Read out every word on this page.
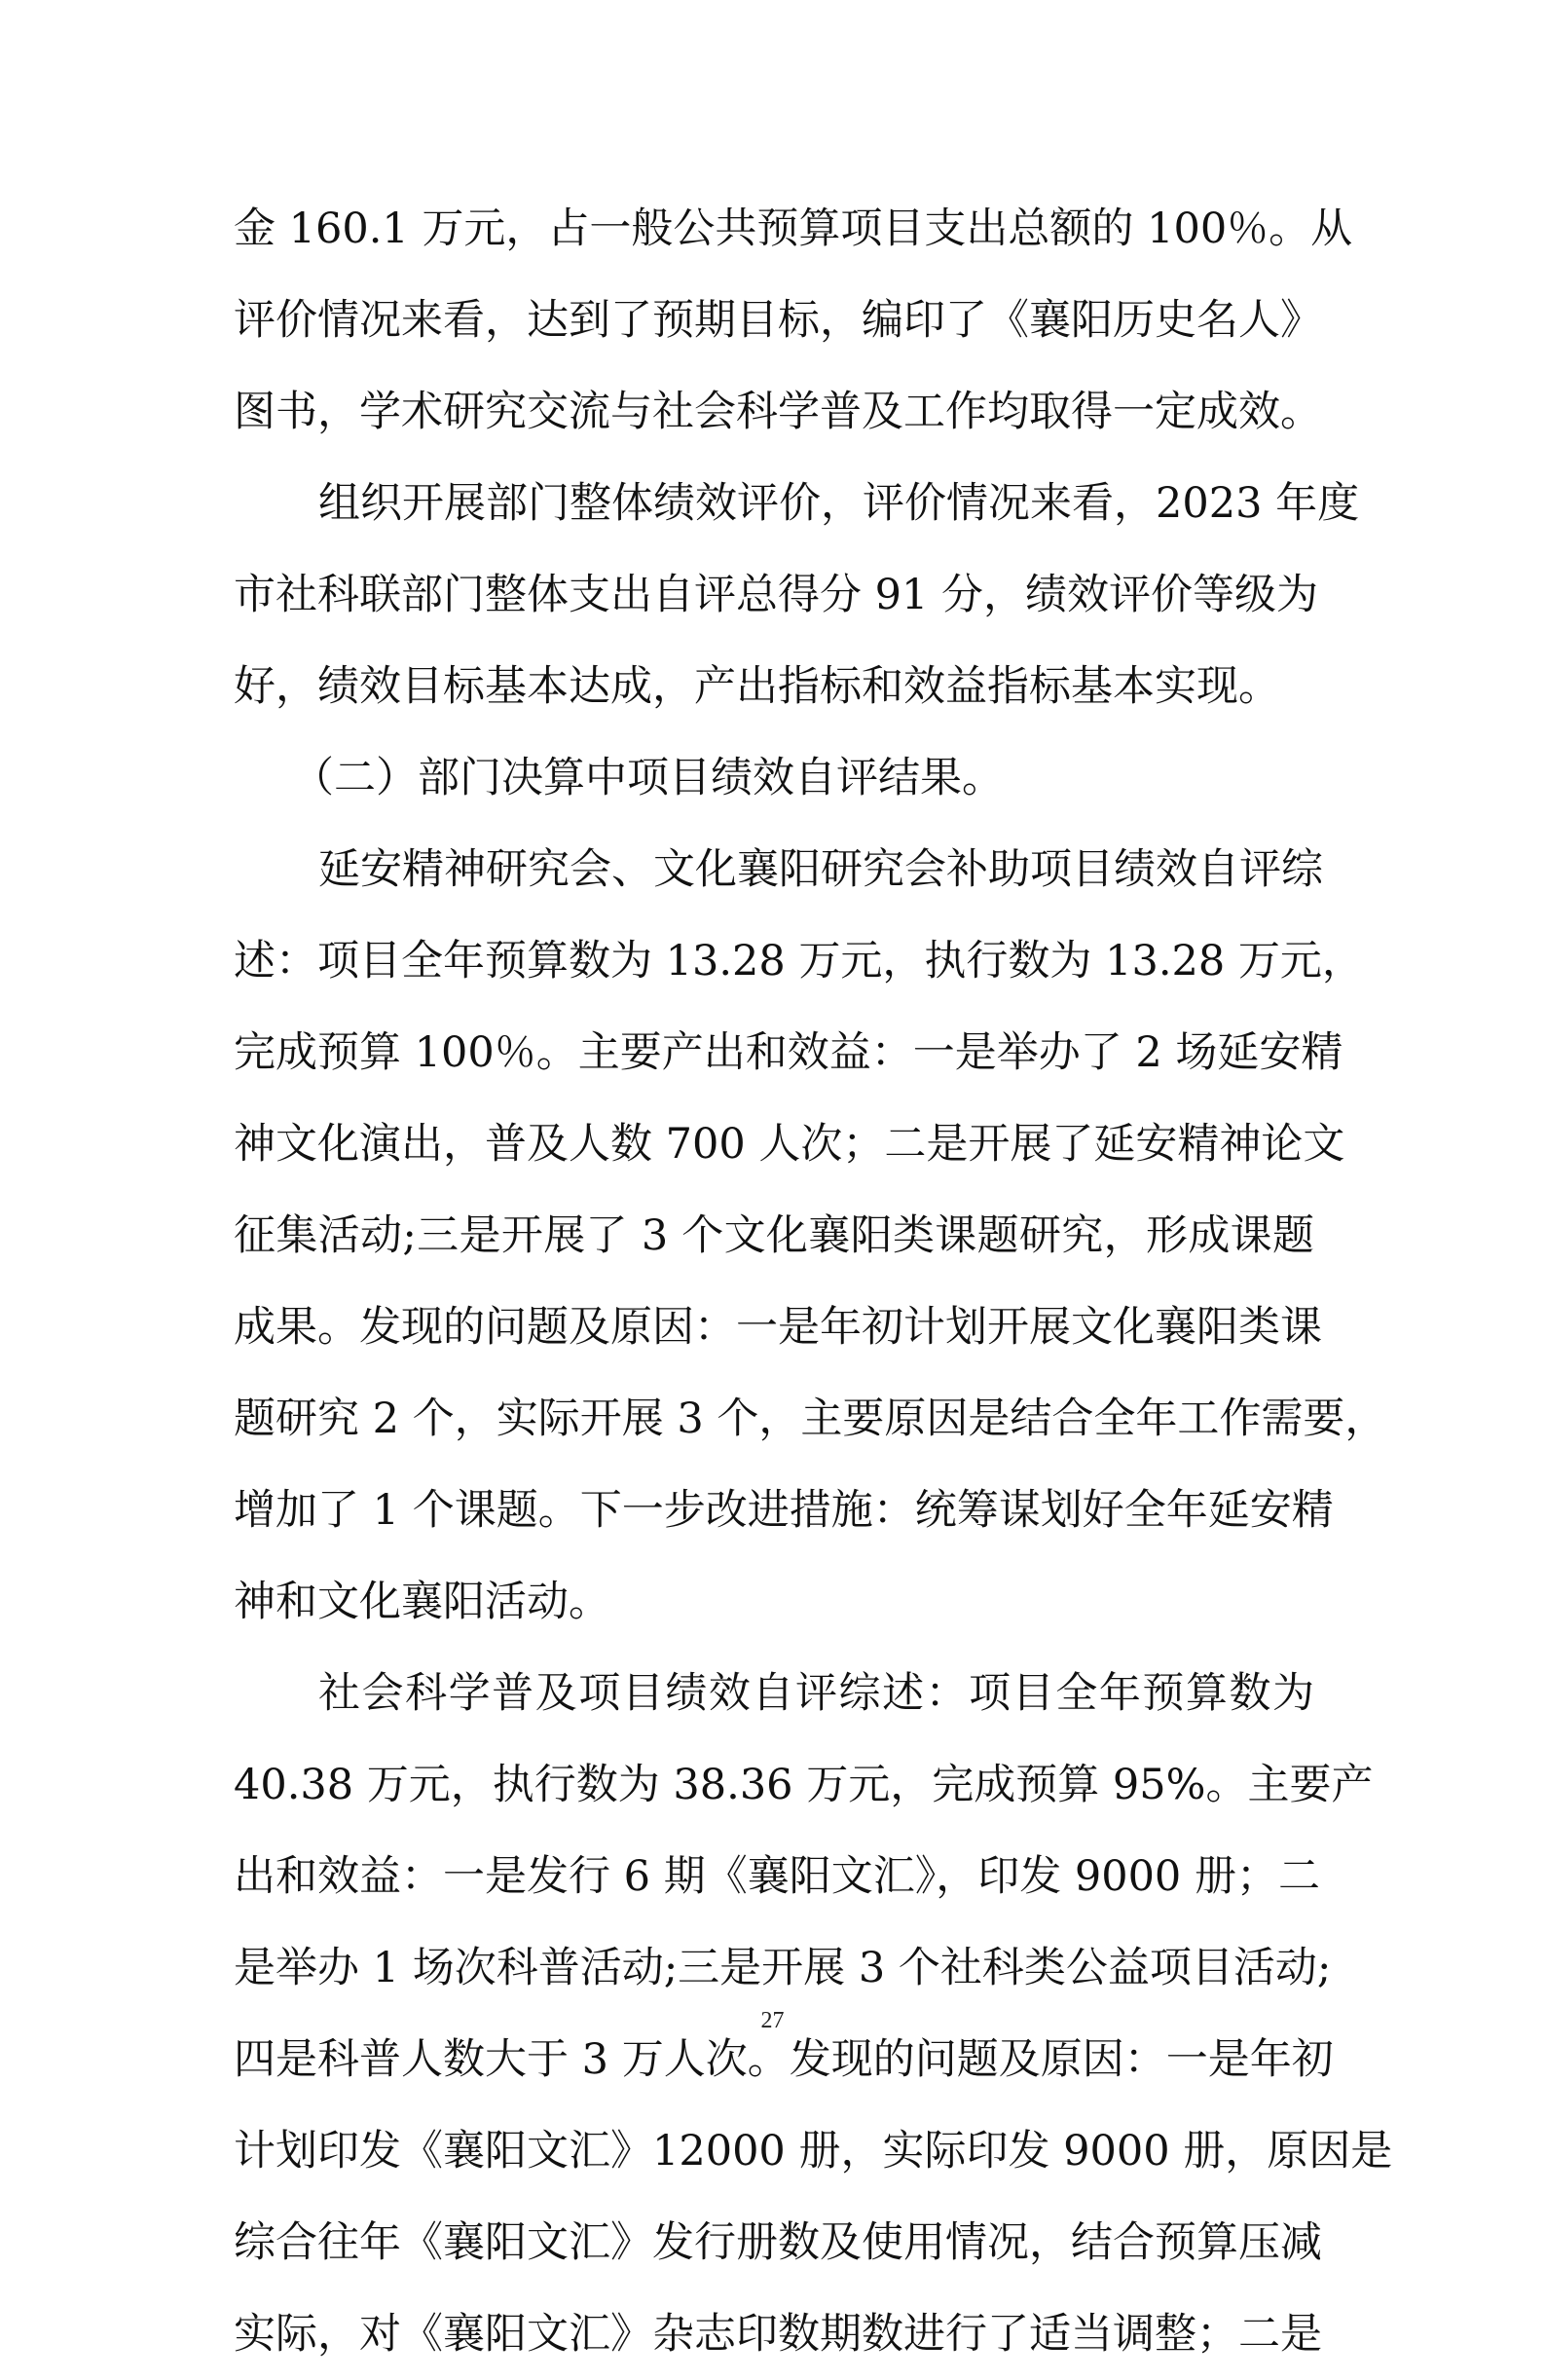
金 160.1 万元，占一般公共预算项目支出总额的 100％。从
评价情况来看，达到了预期目标，编印了《襄阳历史名人》
图书，学术研究交流与社会科学普及工作均取得一定成效。
组织开展部门整体绩效评价，评价情况来看，2023 年度
市社科联部门整体支出自评总得分 91 分，绩效评价等级为
好，绩效目标基本达成，产出指标和效益指标基本实现。
（二）部门决算中项目绩效自评结果。
延安精神研究会、文化襄阳研究会补助项目绩效自评综
述：项目全年预算数为 13.28 万元，执行数为 13.28 万元，
完成预算 100％。主要产出和效益：一是举办了 2 场延安精
神文化演出，普及人数 700 人次；二是开展了延安精神论文
征集活动;三是开展了 3 个文化襄阳类课题研究，形成课题
成果。发现的问题及原因：一是年初计划开展文化襄阳类课
题研究 2 个，实际开展 3 个，主要原因是结合全年工作需要，
增加了 1 个课题。下一步改进措施：统筹谋划好全年延安精
神和文化襄阳活动。
社会科学普及项目绩效自评综述：项目全年预算数为
40.38 万元，执行数为 38.36 万元，完成预算 95%。主要产
出和效益：一是发行 6 期《襄阳文汇》，印发 9000 册；二
是举办 1 场次科普活动;三是开展 3 个社科类公益项目活动;
四是科普人数大于 3 万人次。发现的问题及原因：一是年初
计划印发《襄阳文汇》12000 册，实际印发 9000 册，原因是
综合往年《襄阳文汇》发行册数及使用情况，结合预算压减
实际，对《襄阳文汇》杂志印数期数进行了适当调整；二是
27
